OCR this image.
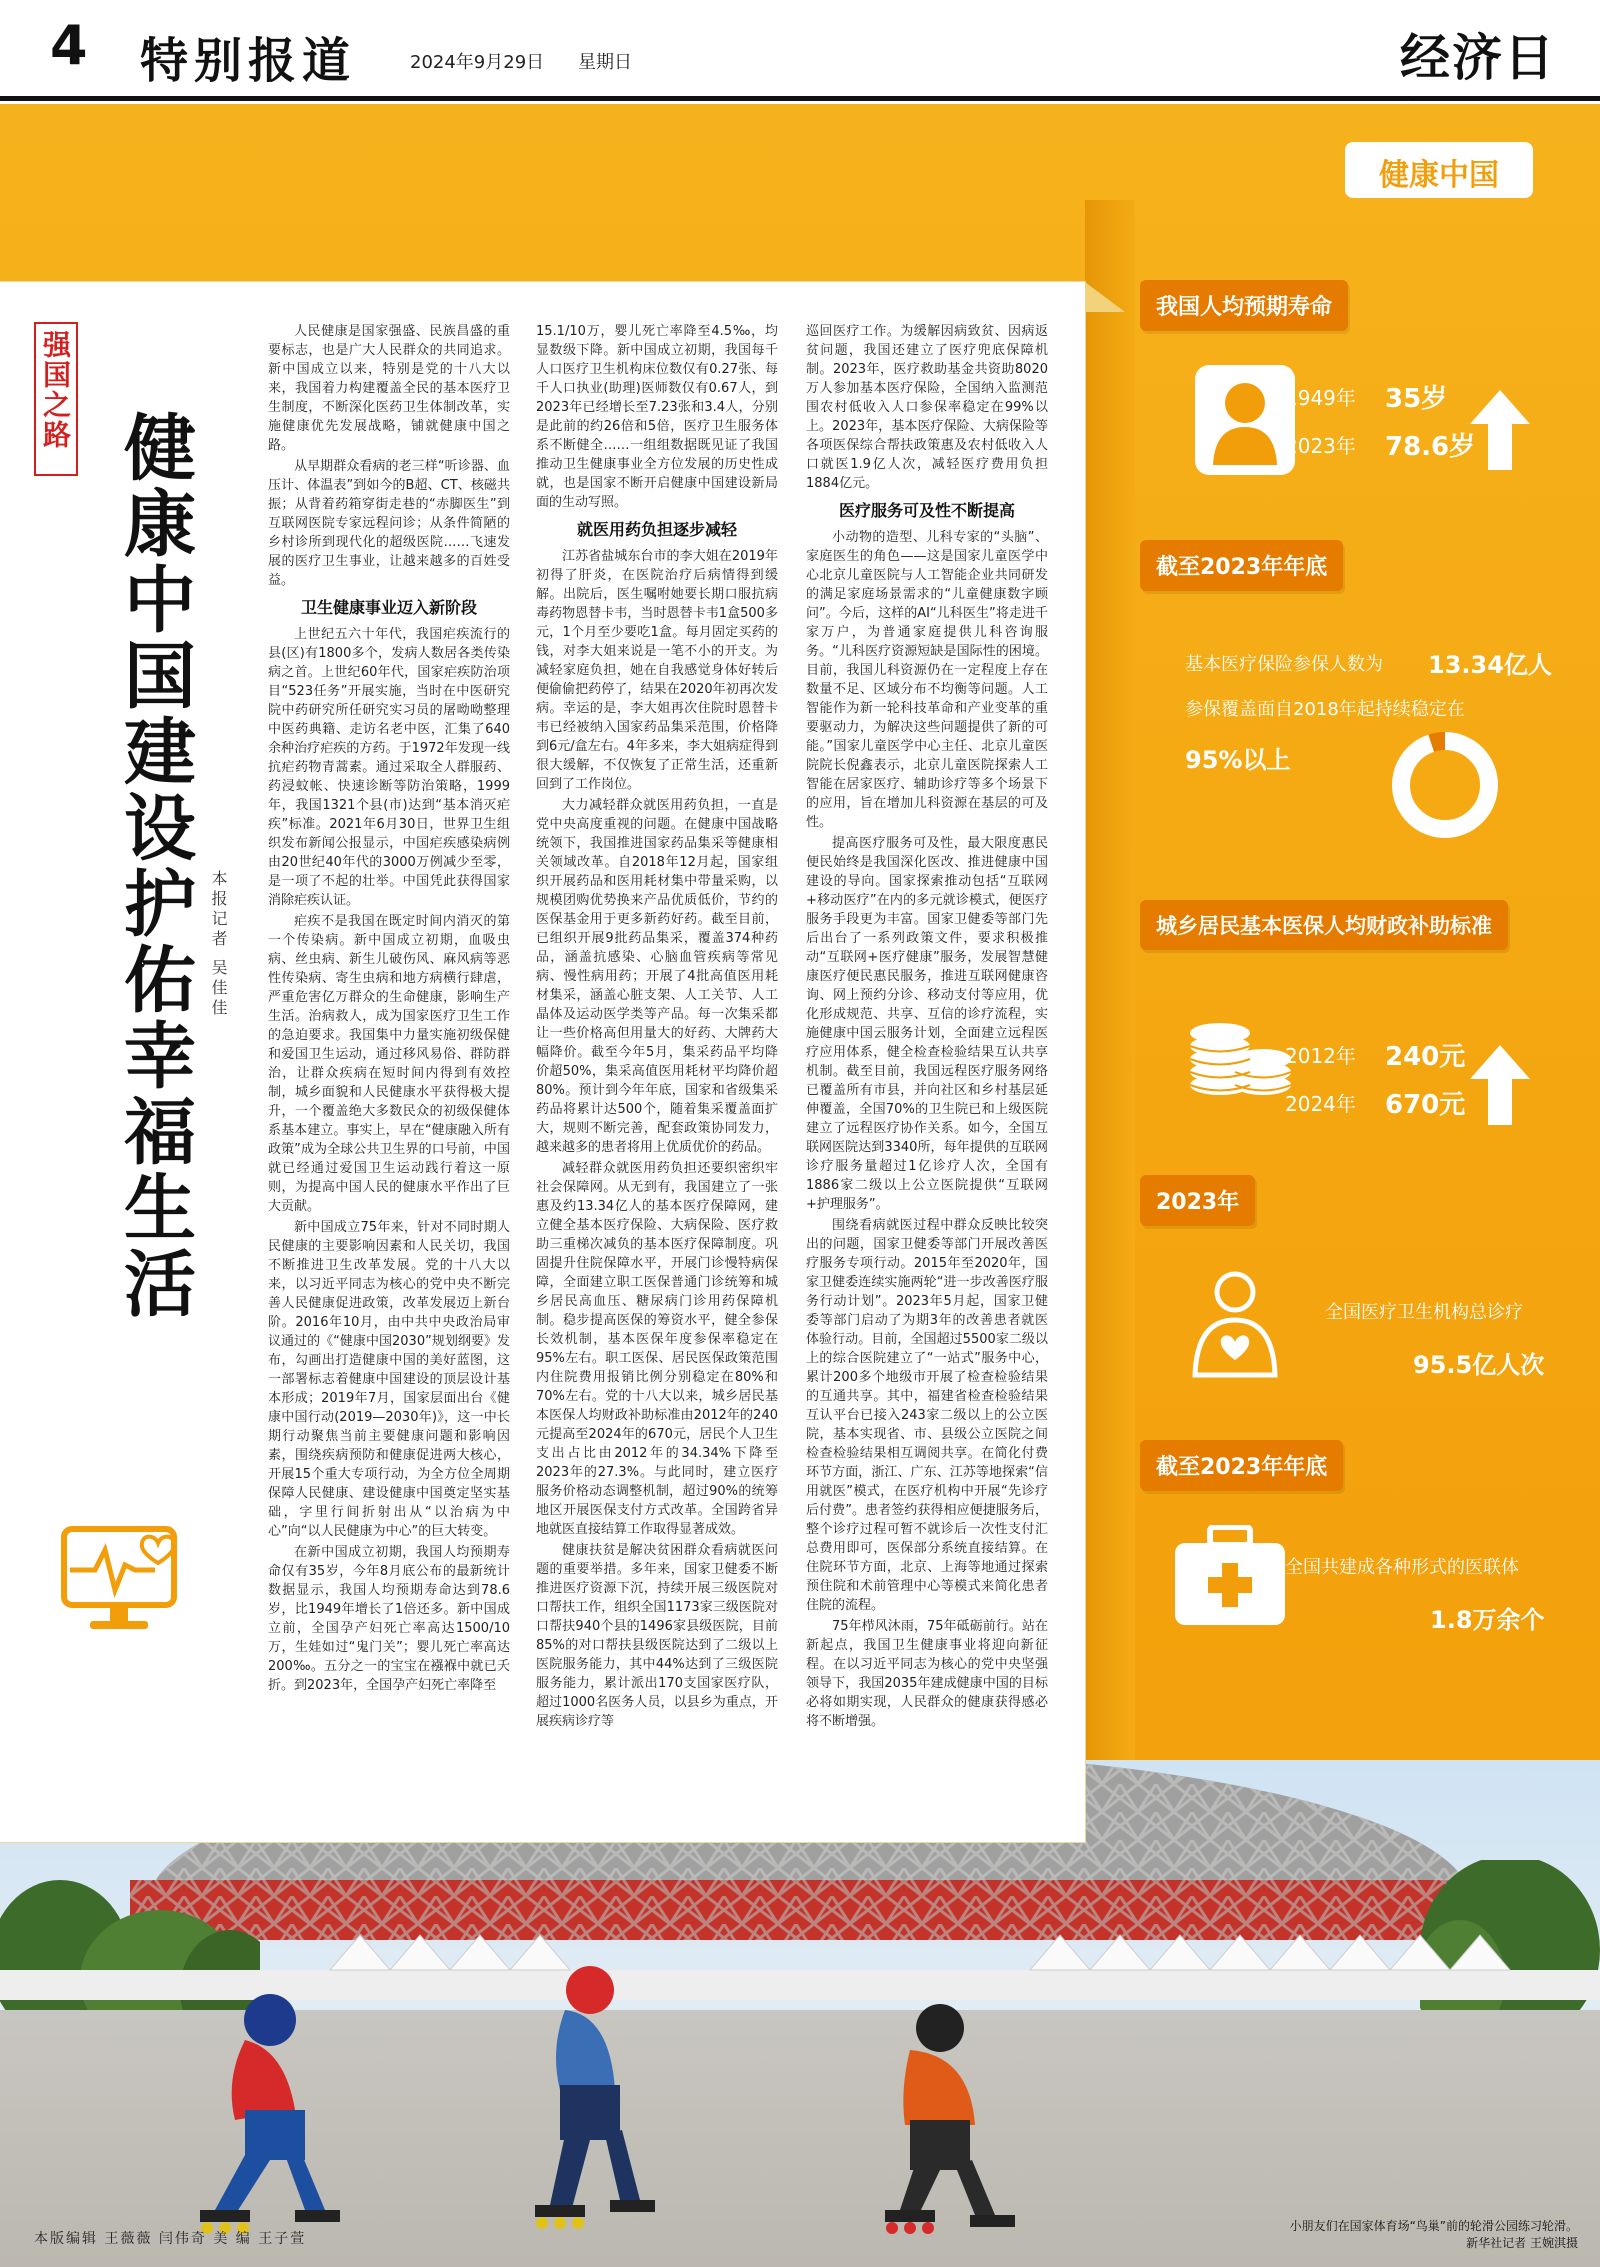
4 特别报道	2024年9月29日 星期日	经济日
强国之路
健康中国建设护佑幸福生活 本报记者 吴佳佳

人民健康是国家强盛、民族昌盛的重要标志，也是广大人民群众的共同追求。新中国成立以来，特别是党的十八大以来，我国着力构建覆盖全民的基本医疗卫生制度，不断深化医药卫生体制改革，实施健康优先发展战略，铺就健康中国之路。

从早期群众看病的老三样“听诊器、血压计、体温表”到如今的B超、CT、核磁共振；从背着药箱穿街走巷的“赤脚医生”到互联网医院专家远程问诊；从条件简陋的乡村诊所到现代化的超级医院……飞速发展的医疗卫生事业，让越来越多的百姓受益。

卫生健康事业迈入新阶段

上世纪五六十年代，我国疟疾流行的县(区)有1800多个，发病人数居各类传染病之首。上世纪60年代，国家疟疾防治项目“523任务”开展实施，当时在中医研究院中药研究所任研究实习员的屠呦呦整理中医药典籍、走访名老中医，汇集了640余种治疗疟疾的方药。于1972年发现一线抗疟药物青蒿素。通过采取全人群服药、药浸蚊帐、快速诊断等防治策略，1999年，我国1321个县(市)达到“基本消灭疟疾”标准。2021年6月30日，世界卫生组织发布新闻公报显示，中国疟疾感染病例由20世纪40年代的3000万例减少至零，是一项了不起的壮举。中国凭此获得国家消除疟疾认证。

疟疾不是我国在既定时间内消灭的第一个传染病。新中国成立初期，血吸虫病、丝虫病、新生儿破伤风、麻风病等恶性传染病、寄生虫病和地方病横行肆虐，严重危害亿万群众的生命健康，影响生产生活。治病救人，成为国家医疗卫生工作的急迫要求。我国集中力量实施初级保健和爱国卫生运动，通过移风易俗、群防群治，让群众疾病在短时间内得到有效控制，城乡面貌和人民健康水平获得极大提升，一个覆盖绝大多数民众的初级保健体系基本建立。事实上，早在“健康融入所有政策”成为全球公共卫生界的口号前，中国就已经通过爱国卫生运动践行着这一原则，为提高中国人民的健康水平作出了巨大贡献。

新中国成立75年来，针对不同时期人民健康的主要影响因素和人民关切，我国不断推进卫生改革发展。党的十八大以来，以习近平同志为核心的党中央不断完善人民健康促进政策，改革发展迈上新台阶。2016年10月，由中共中央政治局审议通过的《“健康中国2030”规划纲要》发布，勾画出打造健康中国的美好蓝图，这一部署标志着健康中国建设的顶层设计基本形成；2019年7月，国家层面出台《健康中国行动(2019—2030年)》，这一中长期行动聚焦当前主要健康问题和影响因素，围绕疾病预防和健康促进两大核心，开展15个重大专项行动，为全方位全周期保障人民健康、建设健康中国奠定坚实基础，字里行间折射出从“以治病为中心”向“以人民健康为中心”的巨大转变。

在新中国成立初期，我国人均预期寿命仅有35岁，今年8月底公布的最新统计数据显示，我国人均预期寿命达到78.6岁，比1949年增长了1倍还多。新中国成立前，全国孕产妇死亡率高达1500/10万，生娃如过“鬼门关”；婴儿死亡率高达200‰。五分之一的宝宝在襁褓中就已夭折。到2023年，全国孕产妇死亡率降至

15.1/10万，婴儿死亡率降至4.5‰，均显数级下降。新中国成立初期，我国每千人口医疗卫生机构床位数仅有0.27张、每千人口执业(助理)医师数仅有0.67人，到2023年已经增长至7.23张和3.4人，分别是此前的约26倍和5倍，医疗卫生服务体系不断健全……一组组数据既见证了我国推动卫生健康事业全方位发展的历史性成就，也是国家不断开启健康中国建设新局面的生动写照。

就医用药负担逐步减轻

江苏省盐城东台市的李大姐在2019年初得了肝炎，在医院治疗后病情得到缓解。出院后，医生嘱咐她要长期口服抗病毒药物恩替卡韦，当时恩替卡韦1盒500多元，1个月至少要吃1盒。每月固定买药的钱，对李大姐来说是一笔不小的开支。为减轻家庭负担，她在自我感觉身体好转后便偷偷把药停了，结果在2020年初再次发病。幸运的是，李大姐再次住院时恩替卡韦已经被纳入国家药品集采范围，价格降到6元/盒左右。4年多来，李大姐病症得到很大缓解，不仅恢复了正常生活，还重新回到了工作岗位。

大力减轻群众就医用药负担，一直是党中央高度重视的问题。在健康中国战略统领下，我国推进国家药品集采等健康相关领域改革。自2018年12月起，国家组织开展药品和医用耗材集中带量采购，以规模团购优势换来产品优质低价，节约的医保基金用于更多新药好药。截至目前，已组织开展9批药品集采，覆盖374种药品，涵盖抗感染、心脑血管疾病等常见病、慢性病用药；开展了4批高值医用耗材集采，涵盖心脏支架、人工关节、人工晶体及运动医学类等产品。每一次集采都让一些价格高但用量大的好药、大牌药大幅降价。截至今年5月，集采药品平均降价超50%，集采高值医用耗材平均降价超80%。预计到今年年底，国家和省级集采药品将累计达500个，随着集采覆盖面扩大，规则不断完善，配套政策协同发力，越来越多的患者将用上优质优价的药品。

减轻群众就医用药负担还要织密织牢社会保障网。从无到有，我国建立了一张惠及约13.34亿人的基本医疗保障网，建立健全基本医疗保险、大病保险、医疗救助三重梯次减负的基本医疗保障制度。巩固提升住院保障水平，开展门诊慢特病保障，全面建立职工医保普通门诊统筹和城乡居民高血压、糖尿病门诊用药保障机制。稳步提高医保的筹资水平，健全参保长效机制，基本医保年度参保率稳定在95%左右。职工医保、居民医保政策范围内住院费用报销比例分别稳定在80%和70%左右。党的十八大以来，城乡居民基本医保人均财政补助标准由2012年的240元提高至2024年的670元，居民个人卫生支出占比由2012年的34.34%下降至2023年的27.3%。与此同时，建立医疗服务价格动态调整机制，超过90%的统筹地区开展医保支付方式改革。全国跨省异地就医直接结算工作取得显著成效。

健康扶贫是解决贫困群众看病就医问题的重要举措。多年来，国家卫健委不断推进医疗资源下沉，持续开展三级医院对口帮扶工作，组织全国1173家三级医院对口帮扶940个县的1496家县级医院，目前85%的对口帮扶县级医院达到了二级以上医院服务能力，其中44%达到了三级医院服务能力，累计派出170支国家医疗队，超过1000名医务人员，以县乡为重点，开展疾病诊疗等

巡回医疗工作。为缓解因病致贫、因病返贫问题，我国还建立了医疗兜底保障机制。2023年，医疗救助基金共资助8020万人参加基本医疗保险，全国纳入监测范围农村低收入人口参保率稳定在99%以上。2023年，基本医疗保险、大病保险等各项医保综合帮扶政策惠及农村低收入人口就医1.9亿人次，减轻医疗费用负担1884亿元。

医疗服务可及性不断提高

小动物的造型、儿科专家的“头脑”、家庭医生的角色——这是国家儿童医学中心北京儿童医院与人工智能企业共同研发的满足家庭场景需求的“儿童健康数字顾问”。今后，这样的AI“儿科医生”将走进千家万户，为普通家庭提供儿科咨询服务。“儿科医疗资源短缺是国际性的困境。目前，我国儿科资源仍在一定程度上存在数量不足、区域分布不均衡等问题。人工智能作为新一轮科技革命和产业变革的重要驱动力，为解决这些问题提供了新的可能。”国家儿童医学中心主任、北京儿童医院院长倪鑫表示，北京儿童医院探索人工智能在居家医疗、辅助诊疗等多个场景下的应用，旨在增加儿科资源在基层的可及性。

提高医疗服务可及性，最大限度惠民便民始终是我国深化医改、推进健康中国建设的导向。国家探索推动包括“互联网+移动医疗”在内的多元就诊模式，便医疗服务手段更为丰富。国家卫健委等部门先后出台了一系列政策文件，要求积极推动“互联网+医疗健康”服务，发展智慧健康医疗便民惠民服务，推进互联网健康咨询、网上预约分诊、移动支付等应用，优化形成规范、共享、互信的诊疗流程，实施健康中国云服务计划，全面建立远程医疗应用体系，健全检查检验结果互认共享机制。截至目前，我国远程医疗服务网络已覆盖所有市县，并向社区和乡村基层延伸覆盖，全国70%的卫生院已和上级医院建立了远程医疗协作关系。如今，全国互联网医院达到3340所，每年提供的互联网诊疗服务量超过1亿诊疗人次，全国有1886家二级以上公立医院提供“互联网+护理服务”。

围绕看病就医过程中群众反映比较突出的问题，国家卫健委等部门开展改善医疗服务专项行动。2015年至2020年，国家卫健委连续实施两轮“进一步改善医疗服务行动计划”。2023年5月起，国家卫健委等部门启动了为期3年的改善患者就医体验行动。目前，全国超过5500家二级以上的综合医院建立了“一站式”服务中心，累计200多个地级市开展了检查检验结果的互通共享。其中，福建省检查检验结果互认平台已接入243家二级以上的公立医院，基本实现省、市、县级公立医院之间检查检验结果相互调阅共享。在简化付费环节方面，浙江、广东、江苏等地探索“信用就医”模式，在医疗机构中开展“先诊疗后付费”。患者签约获得相应便捷服务后，整个诊疗过程可暂不就诊后一次性支付汇总费用即可，医保部分系统直接结算。在住院环节方面，北京、上海等地通过探索预住院和术前管理中心等模式来简化患者住院的流程。

75年栉风沐雨，75年砥砺前行。站在新起点，我国卫生健康事业将迎向新征程。在以习近平同志为核心的党中央坚强领导下，我国2035年建成健康中国的目标必将如期实现，人民群众的健康获得感必将不断增强。

健康中国
我国人均预期寿命
1949年 35岁
2023年 78.6岁
截至2023年年底
基本医疗保险参保人数为 13.34亿人
参保覆盖面自2018年起持续稳定在
95%以上
城乡居民基本医保人均财政补助标准
2012年 240元
2024年 670元
2023年
全国医疗卫生机构总诊疗
95.5亿人次
截至2023年年底
全国共建成各种形式的医联体
1.8万余个
本版编辑 王薇薇 闫伟奇 美 编 王子萱
小朋友们在国家体育场“鸟巢”前的轮滑公园练习轮滑。
新华社记者 王婉淇摄
